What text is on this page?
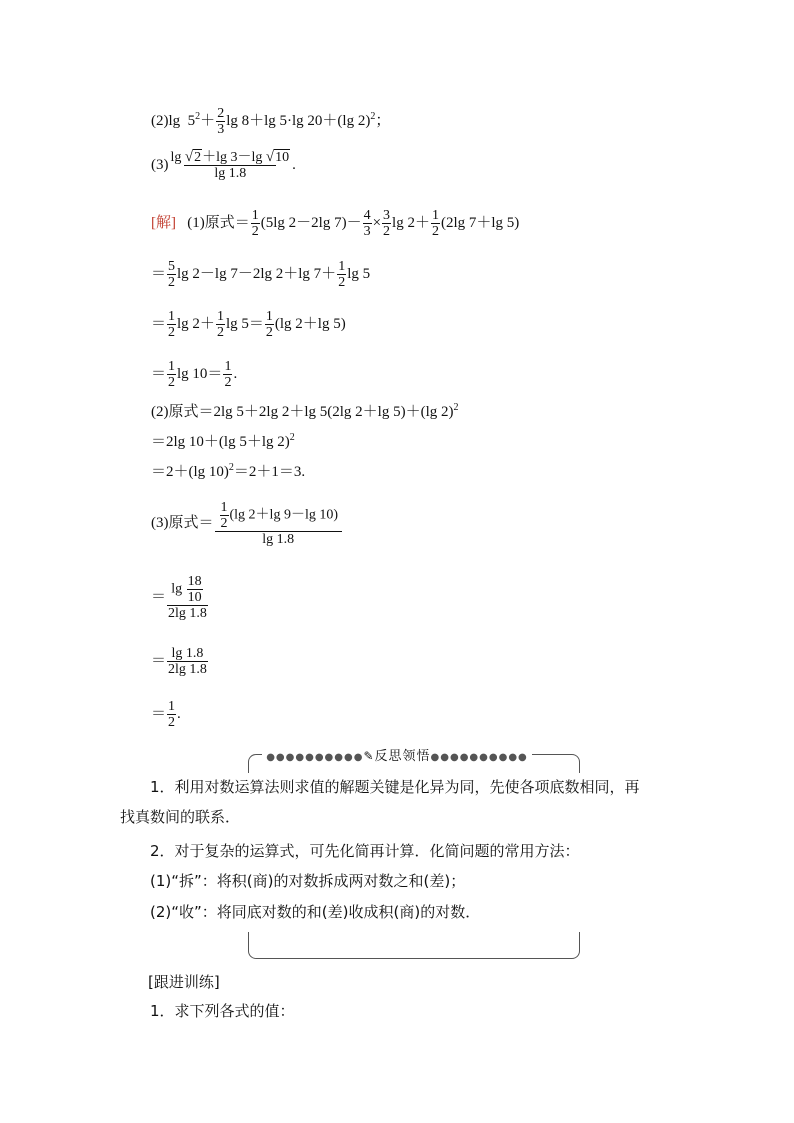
(2)lg $5^2+ \frac{2}{3}$ lg 8＋lg 5·lg 20＋(lg 2)$^2$；
$(3) \frac{\lg √2+\lg 3-\lg √10}{\lg 1.8}$ .
[解] (1)原式＝ $\frac{1}{2} (5\lg$ 2－2lg $7)- \frac{4}{3} \times \frac{3}{2}$ $\lg 2+ \frac{1}{2} (2\lg$ 7＋lg 5)
＝ $\frac{5}{2}$ lg 2－lg 7－2lg 2＋lg $7+ \frac{1}{2}$ lg 5
＝ $\frac{1}{2}$ $\lg 2+ \frac{1}{2}$ $\lg 5= \frac{1}{2} (\lg$ 2＋lg 5)
＝ $\frac{1}{2}$ $\lg 10= \frac{1}{2}$ .
(2)原式＝2lg 5＋2lg 2＋lg 5(2lg 2＋lg 5)＋(lg 2)$^2$
＝2lg 10＋(lg 5＋lg 2)$^2$
＝2＋(lg 10)$^2$＝2＋1＝3.
(3)原式＝ $\frac{\frac{1}{2} (\lg 2+\lg 9-\lg 10)}{\lg 1.8}$
＝ $\frac{\lg \frac{18}{10}}{2\lg 1.8}$
＝ $\frac{\lg 1.8}{2\lg 1.8}$
＝ $\frac{1}{2}$ .
●●●●●●●●●●✎反思领悟●●●●●●●●●●
1．利用对数运算法则求值的解题关键是化异为同，先使各项底数相同，再
找真数间的联系．
2．对于复杂的运算式，可先化简再计算．化简问题的常用方法：
(1)“拆”：将积(商)的对数拆成两对数之和(差)；
(2)“收”：将同底对数的和(差)收成积(商)的对数．
[跟进训练]
1．求下列各式的值：
